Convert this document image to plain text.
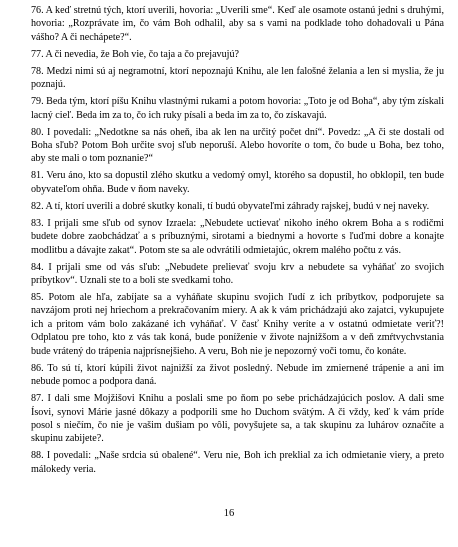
76. A keď stretnú tých, ktorí uverili, hovoria: „Uverili sme“. Keď ale osamote ostanú jedni s druhými, hovoria: „Rozprávate im, čo vám Boh odhalil, aby sa s vami na podklade toho dohadovali u Pána vášho? A či nechápete?“.

77. A či nevedia, že Boh vie, čo taja a čo prejavujú?

78. Medzi nimi sú aj negramotní, ktorí nepoznajú Knihu, ale len falošné želania a len si myslia, že ju poznajú.

79. Beda tým, ktorí píšu Knihu vlastnými rukami a potom hovoria: „Toto je od Boha“, aby tým získali lacný cieľ. Beda im za to, čo ich ruky písali a beda im za to, čo získavajú.

80. I povedali: „Nedotkne sa nás oheň, iba ak len na určitý počet dní“. Povedz: „A či ste dostali od Boha sľub? Potom Boh určite svoj sľub neporuší. Alebo hovoríte o tom, čo bude u Boha, bez toho, aby ste mali o tom poznanie?“

81. Veru áno, kto sa dopustil zlého skutku a vedomý omyl, ktorého sa dopustil, ho obklopil, ten bude obyvateľom ohňa. Bude v ňom naveky.

82. A tí, ktorí uverili a dobré skutky konali, tí budú obyvateľmi záhrady rajskej, budú v nej naveky.

83. I prijali sme sľub od synov Izraela: „Nebudete uctievať nikoho iného okrem Boha a s rodičmi budete dobre zaobchádzať a s príbuznými, sirotami a biednymi a hovorte s ľuďmi dobre a konajte modlitbu a dávajte zakat“. Potom ste sa ale odvrátili odmietajúc, okrem malého počtu z vás.

84. I prijali sme od vás sľub: „Nebudete prelievať svoju krv a nebudete sa vyháňať zo svojich príbytkov“. Uznali ste to a boli ste svedkami toho.

85. Potom ale hľa, zabíjate sa a vyháňate skupinu svojich ľudí z ich príbytkov, podporujete sa navzájom proti nej hriechom a prekračovaním miery. A ak k vám prichádzajú ako zajatci, vykupujete ich a pritom vám bolo zakázané ich vyháňať. V časť Knihy veríte a v ostatnú odmietate veriť?! Odplatou pre toho, kto z vás tak koná, bude poníženie v živote najnižšom a v deň zmŕtvychvstania bude vrátený do trápenia najprísnejšieho. A veru, Boh nie je nepozorný voči tomu, čo konáte.

86. To sú tí, ktorí kúpili život najnižší za život posledný. Nebude im zmiernené trápenie a ani im nebude pomoc a podpora daná.

87. I dali sme Mojžišovi Knihu a poslali sme po ňom po sebe prichádzajúcich poslov. A dali sme Ísovi, synovi Márie jasné dôkazy a podporili sme ho Duchom svätým. A či vždy, keď k vám príde posol s niečím, čo nie je vašim dušiam po vôli, povyšujete sa, a tak skupinu za luhárov označíte a skupinu zabijete?.

88. I povedali: „Naše srdcia sú obalené“. Veru nie, Boh ich preklial za ich odmietanie viery, a preto málokedy veria.

16
